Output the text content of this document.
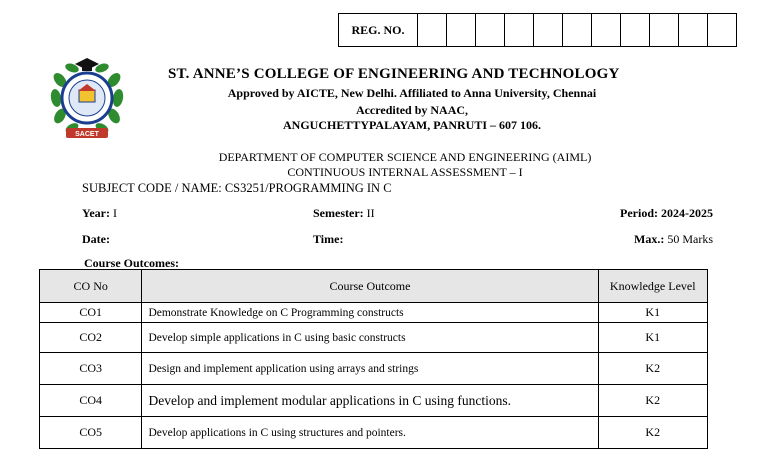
REG. NO.
SACET
ST. ANNE’S COLLEGE OF ENGINEERING AND TECHNOLOGY
Approved by AICTE, New Delhi. Affiliated to Anna University, Chennai
Accredited by NAAC,
ANGUCHETTYPALAYAM, PANRUTI – 607 106.
DEPARTMENT OF COMPUTER SCIENCE AND ENGINEERING (AIML)
CONTINUOUS INTERNAL ASSESSMENT – I
SUBJECT CODE / NAME: CS3251/PROGRAMMING IN C
Year: I	Semester: II	Period: 2024-2025
Date:	Time:	Max.: 50 Marks
Course Outcomes:
CO No	Course Outcome	Knowledge Level
CO1	Demonstrate Knowledge on C Programming constructs	K1
CO2	Develop simple applications in C using basic constructs	K1
CO3	Design and implement application using arrays and strings	K2
CO4	Develop and implement modular applications in C using functions.	K2
CO5	Develop applications in C using structures and pointers.	K2
